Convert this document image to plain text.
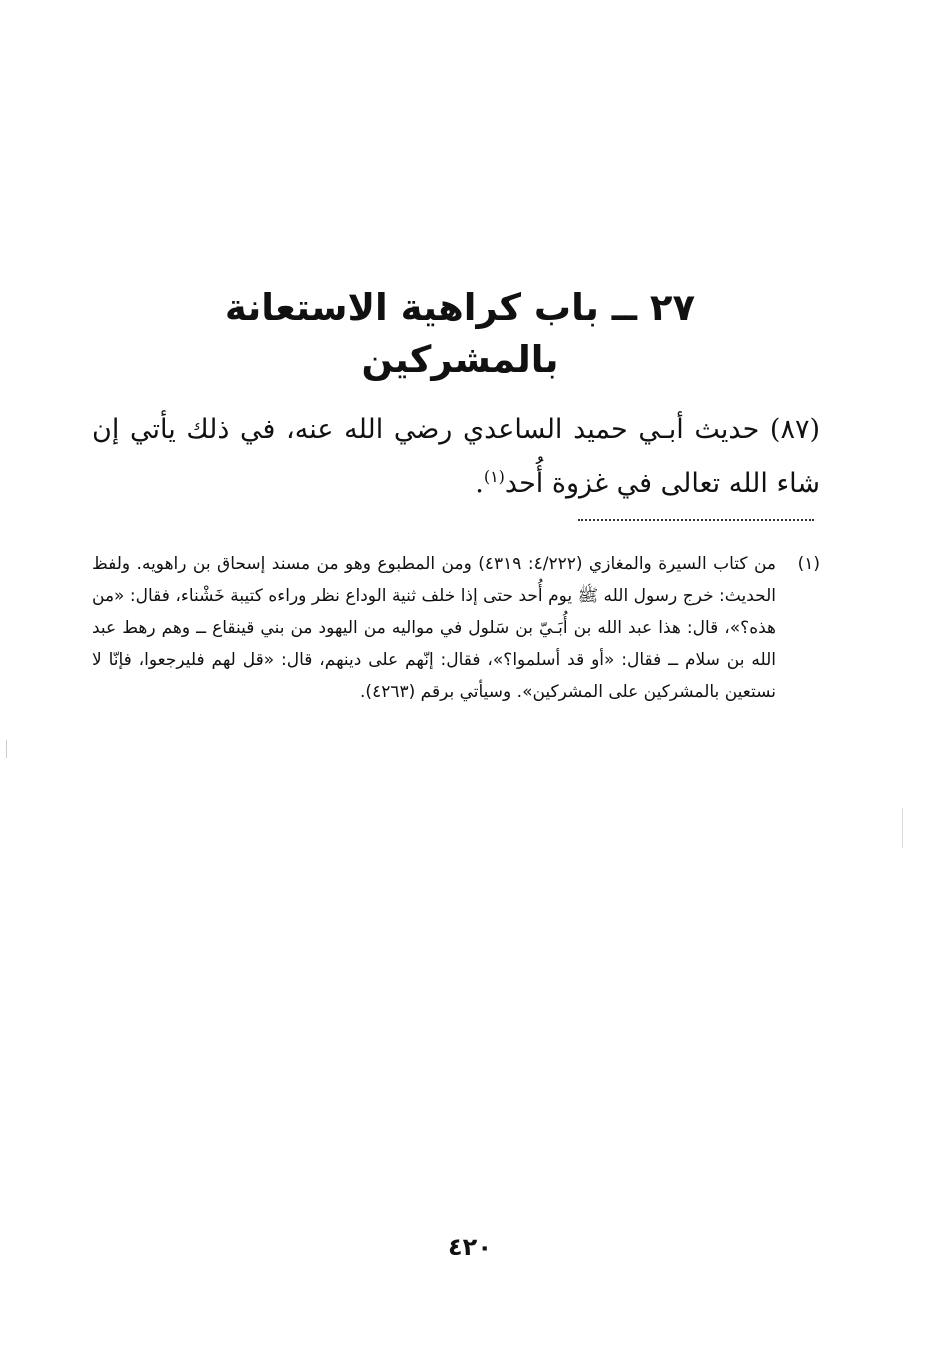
٢٧ ــ باب كراهية الاستعانة بالمشركين

(٨٧) حديث أبـي حميد الساعدي رضي الله عنه، في ذلك يأتي إن شاء الله تعالى في غزوة أُحد$^{(١)}$.

(١)
من كتاب السيرة والمغازي (٤/٢٢٢: ٤٣١٩) ومن المطبوع وهو من مسند إسحاق بن راهويه. ولفظ الحديث: خرج رسول الله ﷺ يوم أُحد حتى إذا خلف ثنية الوداع نظر وراءه كتيبة خَشْناء، فقال: «من هذه؟»، قال: هذا عبد الله بن أُبَـيّ بن سَلول في مواليه من اليهود من بني قينقاع ــ وهم رهط عبد الله بن سلام ــ فقال: «أو قد أسلموا؟»، فقال: إنّهم على دينهم، قال: «قل لهم فليرجعوا، فإنّا لا نستعين بالمشركين على المشركين». وسيأتي برقم (٤٢٦٣).
٤٢٠
